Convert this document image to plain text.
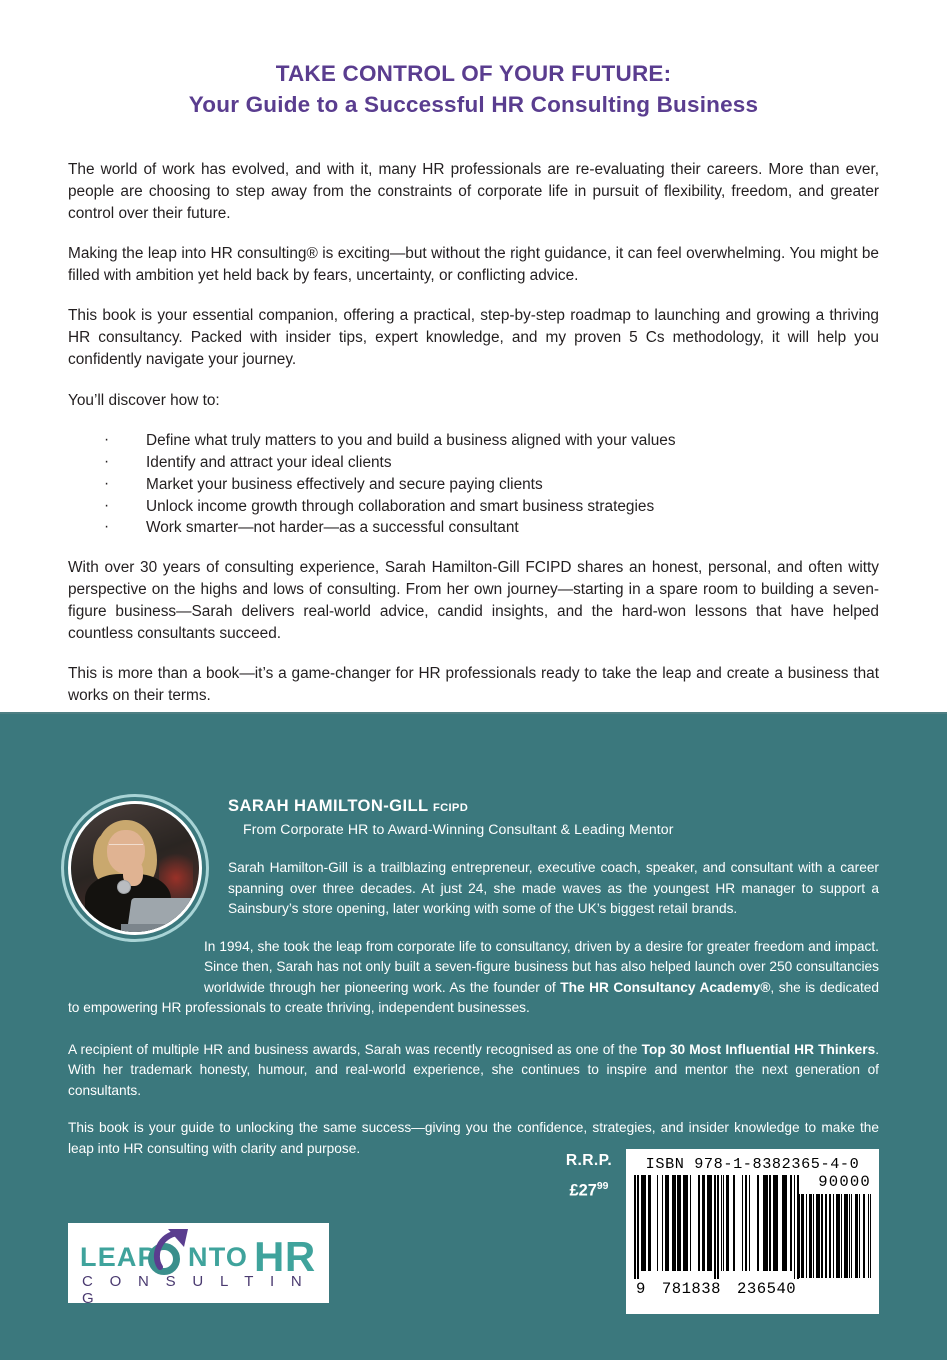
TAKE CONTROL OF YOUR FUTURE:
Your Guide to a Successful HR Consulting Business

The world of work has evolved, and with it, many HR professionals are re-evaluating their careers. More than ever, people are choosing to step away from the constraints of corporate life in pursuit of flexibility, freedom, and greater control over their future.

Making the leap into HR consulting® is exciting—but without the right guidance, it can feel overwhelming. You might be filled with ambition yet held back by fears, uncertainty, or conflicting advice.

This book is your essential companion, offering a practical, step-by-step roadmap to launching and growing a thriving HR consultancy. Packed with insider tips, expert knowledge, and my proven 5 Cs methodology, it will help you confidently navigate your journey.

You’ll discover how to:

· Define what truly matters to you and build a business aligned with your values
· Identify and attract your ideal clients
· Market your business effectively and secure paying clients
· Unlock income growth through collaboration and smart business strategies
· Work smarter—not harder—as a successful consultant

With over 30 years of consulting experience, Sarah Hamilton-Gill FCIPD shares an honest, personal, and often witty perspective on the highs and lows of consulting. From her own journey—starting in a spare room to building a seven-figure business—Sarah delivers real-world advice, candid insights, and the hard-won lessons that have helped countless consultants succeed.

This is more than a book—it’s a game-changer for HR professionals ready to take the leap and create a business that works on their terms.

SARAH HAMILTON-GILL FCIPD
From Corporate HR to Award-Winning Consultant & Leading Mentor
Sarah Hamilton-Gill is a trailblazing entrepreneur, executive coach, speaker, and consultant with a career spanning over three decades. At just 24, she made waves as the youngest HR manager to support a Sainsbury’s store opening, later working with some of the UK’s biggest retail brands.
In 1994, she took the leap from corporate life to consultancy, driven by a desire for greater freedom and impact. Since then, Sarah has not only built a seven-figure business but has also helped launch over 250 consultancies worldwide through her pioneering work. As the founder of The HR Consultancy Academy®, she is dedicated to empowering HR professionals to create thriving, independent businesses.

A recipient of multiple HR and business awards, Sarah was recently recognised as one of the Top 30 Most Influential HR Thinkers. With her trademark honesty, humour, and real-world experience, she continues to inspire and mentor the next generation of consultants.

This book is your guide to unlocking the same success—giving you the confidence, strategies, and insider knowledge to make the leap into HR consulting with clarity and purpose.

R.R.P.
$£27^{99}$
ISBN 978-1-8382365-4-0
90000
9 781838 236540
LEAP NTO HR
C O N S U L T I N G
